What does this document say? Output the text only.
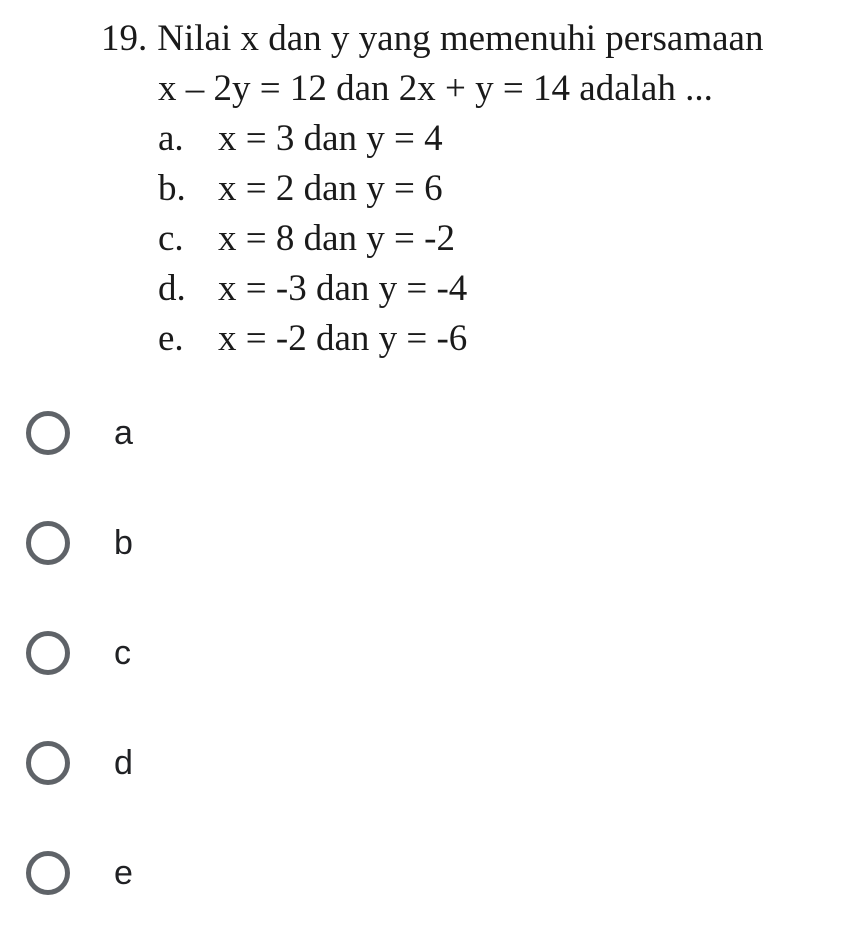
19. Nilai x dan y yang memenuhi persamaan
x – 2y = 12 dan 2x + y = 14 adalah ...
a. x = 3 dan y = 4
b. x = 2 dan y = 6
c. x = 8 dan y = -2
d. x = -3 dan y = -4
e. x = -2 dan y = -6
a
b
c
d
e
